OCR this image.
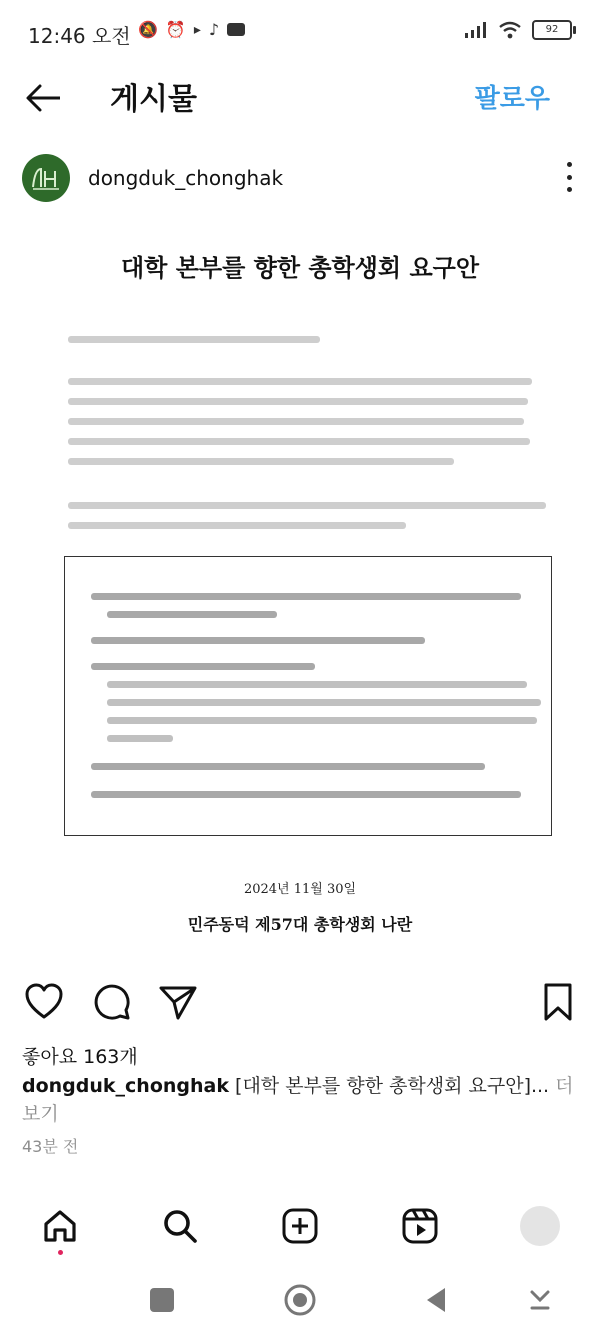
12:46 오전 🔕 ⏰ ▸ ♪	92
게시물	팔로우
dongduk_chonghak
대학 본부를 향한 총학생회 요구안
2024년 11월 30일
민주동덕 제57대 총학생회 나란
좋아요 163개
dongduk_chonghak [대학 본부를 향한 총학생회 요구안]... 더 보기
43분 전
